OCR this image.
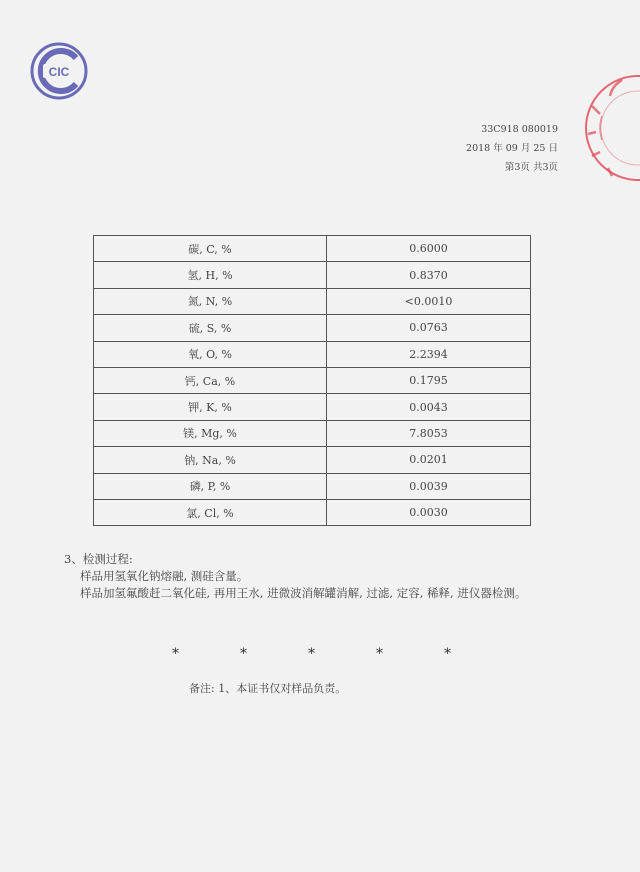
CIC
33C918 080019
2018 年 09 月 25 日
第3页 共3页
碳, C, %	0.6000
氢, H, %	0.8370
氮, N, %	<0.0010
硫, S, %	0.0763
氧, O, %	2.2394
钙, Ca, %	0.1795
钾, K, %	0.0043
镁, Mg, %	7.8053
钠, Na, %	0.0201
磷, P, %	0.0039
氯, Cl, %	0.0030
3、检测过程:
样品用氢氧化钠熔融, 测硅含量。
样品加氢氟酸赶二氧化硅, 再用王水, 进微波消解罐消解, 过滤, 定容, 稀释, 进仪器检测。
*	*	*	*	*
备注: 1、本证书仅对样品负责。
